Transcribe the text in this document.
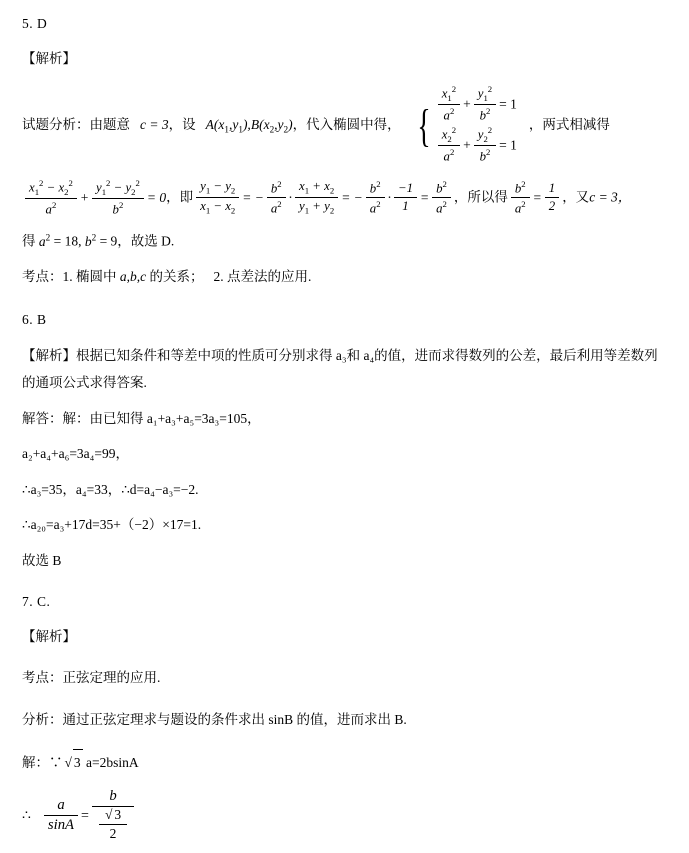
5. D
【解析】
试题分析：由题意 c = 3，设 $A(x_1,y_1),B(x_2,y_2)$，代入椭圆中得， { $\frac{x_1^2}{a^2} + \frac{y_1^2}{b^2} = 1$
$\frac{x_2^2}{a^2} + \frac{y_2^2}{b^2} = 1$
，两式相减得
$\frac{x_1^2 - x_2^2}{a^2} + \frac{y_1^2 - y_2^2}{b^2} = 0$，即 $\frac{y_1 - y_2}{x_1 - x_2}$ = − $\frac{b^2}{a^2} \cdot \frac{x_1 + x_2}{y_1 + y_2}$ = − $\frac{b^2}{a^2} \cdot \frac{-1}{1} = \frac{b^2}{a^2}$ ，所以得 $\frac{b^2}{a^2} = \frac{1}{2}$ ，又c = 3，
得 $a^2 = 18$, $b^2 = 9$，故选 D.
考点：1. 椭圆中 a,b,c 的关系； 2. 点差法的应用.
6. B
【解析】根据已知条件和等差中项的性质可分别求得 a₃和 a₄的值，进而求得数列的公差，最后利用等差数列的通项公式求得答案.
解答：解：由已知得 a₁+a₃+a₅=3a₃=105，
a₂+a₄+a₆=3a₄=99，
∴a₃=35，a₄=33，∴d=a₄−a₃=−2.
∴a₂₀=a₃+17d=35+（−2）×17=1.
故选 B
7. C.
【解析】
考点：正弦定理的应用.
分析：通过正弦定理求与题设的条件求出 sinB 的值，进而求出 B.
解：∵ √ 3 a=2bsinA
∴ $\frac{a}{\sin A} = \frac{b}{\frac{√ 3}{2}}$
